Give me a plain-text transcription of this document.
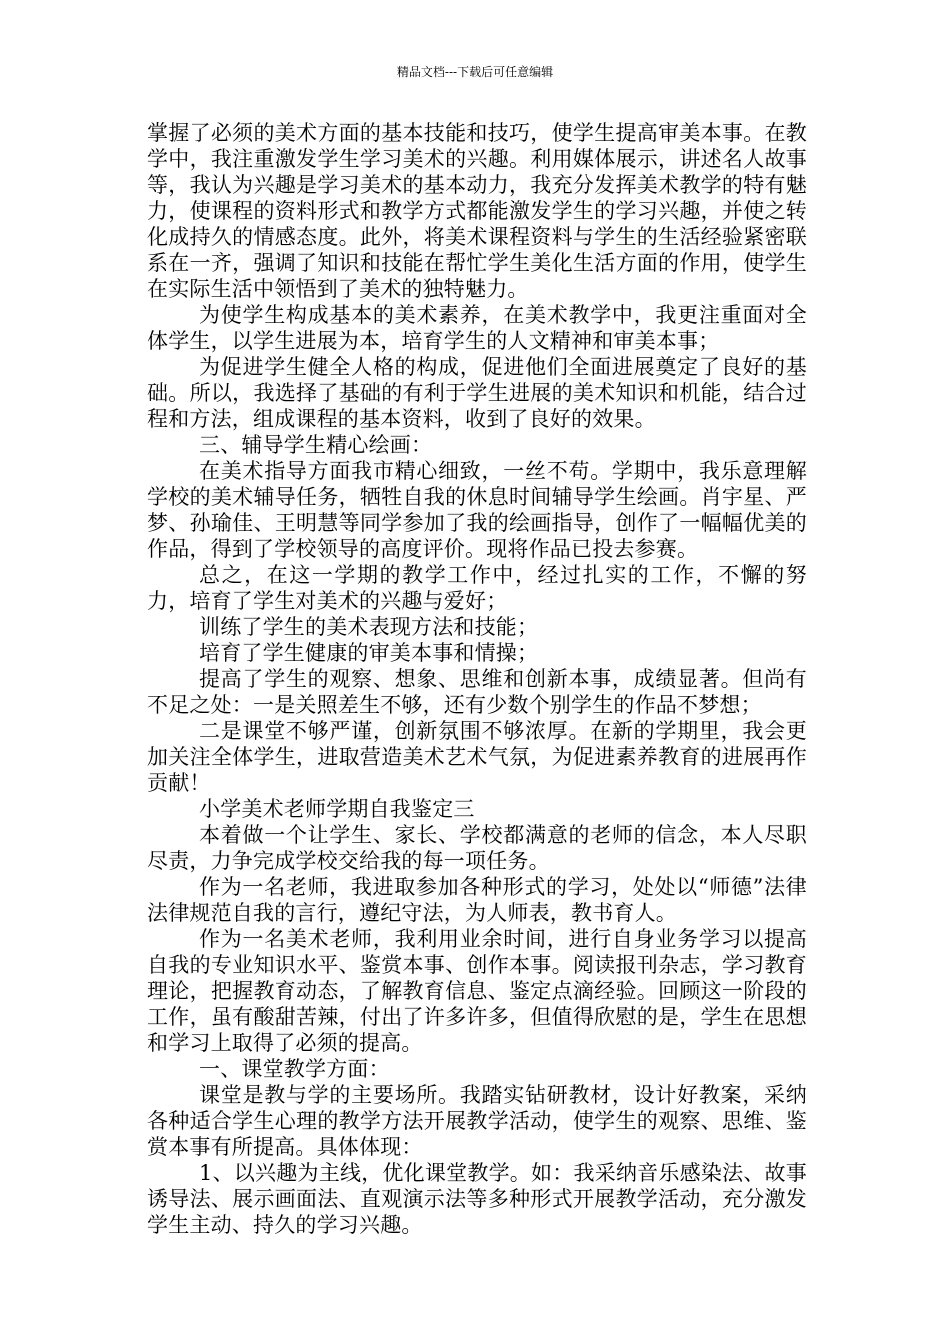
精品文档---下载后可任意编辑

掌握了必须的美术方面的基本技能和技巧，使学生提高审美本事。在教学中，我注重激发学生学习美术的兴趣。利用媒体展示，讲述名人故事等，我认为兴趣是学习美术的基本动力，我充分发挥美术教学的特有魅力，使课程的资料形式和教学方式都能激发学生的学习兴趣，并使之转化成持久的情感态度。此外，将美术课程资料与学生的生活经验紧密联系在一齐，强调了知识和技能在帮忙学生美化生活方面的作用，使学生在实际生活中领悟到了美术的独特魅力。

为使学生构成基本的美术素养，在美术教学中，我更注重面对全体学生，以学生进展为本，培育学生的人文精神和审美本事；

为促进学生健全人格的构成，促进他们全面进展奠定了良好的基础。所以，我选择了基础的有利于学生进展的美术知识和机能，结合过程和方法，组成课程的基本资料，收到了良好的效果。

三、辅导学生精心绘画：

在美术指导方面我市精心细致，一丝不苟。学期中，我乐意理解学校的美术辅导任务，牺牲自我的休息时间辅导学生绘画。肖宇星、严梦、孙瑜佳、王明慧等同学参加了我的绘画指导，创作了一幅幅优美的作品，得到了学校领导的高度评价。现将作品已投去参赛。

总之，在这一学期的教学工作中，经过扎实的工作，不懈的努力，培育了学生对美术的兴趣与爱好；

训练了学生的美术表现方法和技能；

培育了学生健康的审美本事和情操；

提高了学生的观察、想象、思维和创新本事，成绩显著。但尚有不足之处：一是关照差生不够，还有少数个别学生的作品不梦想；

二是课堂不够严谨，创新氛围不够浓厚。在新的学期里，我会更加关注全体学生，进取营造美术艺术气氛，为促进素养教育的进展再作贡献！

小学美术老师学期自我鉴定三

本着做一个让学生、家长、学校都满意的老师的信念，本人尽职尽责，力争完成学校交给我的每一项任务。

作为一名老师，我进取参加各种形式的学习，处处以“师德”法律法律规范自我的言行，遵纪守法，为人师表，教书育人。

作为一名美术老师，我利用业余时间，进行自身业务学习以提高自我的专业知识水平、鉴赏本事、创作本事。阅读报刊杂志，学习教育理论，把握教育动态，了解教育信息、鉴定点滴经验。回顾这一阶段的工作，虽有酸甜苦辣，付出了许多许多，但值得欣慰的是，学生在思想和学习上取得了必须的提高。

一、课堂教学方面：

课堂是教与学的主要场所。我踏实钻研教材，设计好教案，采纳各种适合学生心理的教学方法开展教学活动，使学生的观察、思维、鉴赏本事有所提高。具体体现：

1、以兴趣为主线，优化课堂教学。如：我采纳音乐感染法、故事诱导法、展示画面法、直观演示法等多种形式开展教学活动，充分激发学生主动、持久的学习兴趣。
